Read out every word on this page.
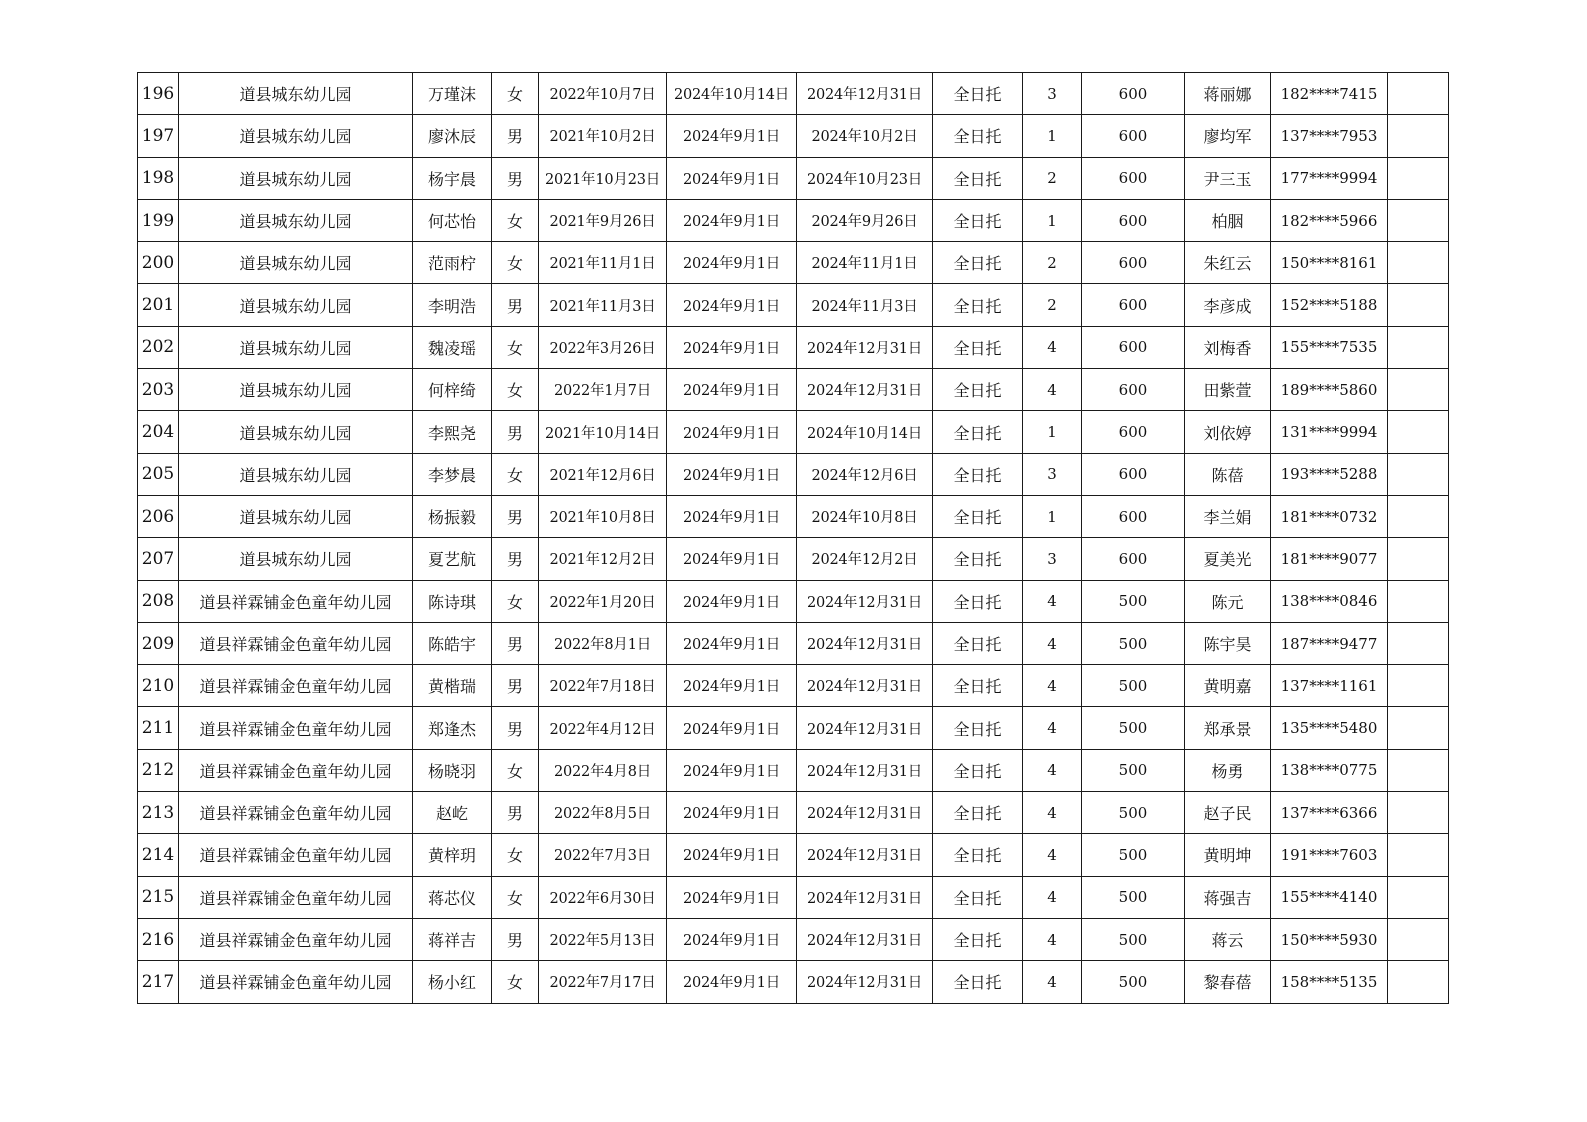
196	道县城东幼儿园	万瑾沫	女	2022年10月7日	2024年10月14日	2024年12月31日	全日托	3	600	蒋丽娜	182****7415	
197	道县城东幼儿园	廖沐辰	男	2021年10月2日	2024年9月1日	2024年10月2日	全日托	1	600	廖均军	137****7953	
198	道县城东幼儿园	杨宇晨	男	2021年10月23日	2024年9月1日	2024年10月23日	全日托	2	600	尹三玉	177****9994	
199	道县城东幼儿园	何芯怡	女	2021年9月26日	2024年9月1日	2024年9月26日	全日托	1	600	柏胭	182****5966	
200	道县城东幼儿园	范雨柠	女	2021年11月1日	2024年9月1日	2024年11月1日	全日托	2	600	朱红云	150****8161	
201	道县城东幼儿园	李明浩	男	2021年11月3日	2024年9月1日	2024年11月3日	全日托	2	600	李彦成	152****5188	
202	道县城东幼儿园	魏凌瑶	女	2022年3月26日	2024年9月1日	2024年12月31日	全日托	4	600	刘梅香	155****7535	
203	道县城东幼儿园	何梓绮	女	2022年1月7日	2024年9月1日	2024年12月31日	全日托	4	600	田紫萱	189****5860	
204	道县城东幼儿园	李熙尧	男	2021年10月14日	2024年9月1日	2024年10月14日	全日托	1	600	刘依婷	131****9994	
205	道县城东幼儿园	李梦晨	女	2021年12月6日	2024年9月1日	2024年12月6日	全日托	3	600	陈蓓	193****5288	
206	道县城东幼儿园	杨振毅	男	2021年10月8日	2024年9月1日	2024年10月8日	全日托	1	600	李兰娟	181****0732	
207	道县城东幼儿园	夏艺航	男	2021年12月2日	2024年9月1日	2024年12月2日	全日托	3	600	夏美光	181****9077	
208	道县祥霖铺金色童年幼儿园	陈诗琪	女	2022年1月20日	2024年9月1日	2024年12月31日	全日托	4	500	陈元	138****0846	
209	道县祥霖铺金色童年幼儿园	陈皓宇	男	2022年8月1日	2024年9月1日	2024年12月31日	全日托	4	500	陈宇昊	187****9477	
210	道县祥霖铺金色童年幼儿园	黄楷瑞	男	2022年7月18日	2024年9月1日	2024年12月31日	全日托	4	500	黄明嘉	137****1161	
211	道县祥霖铺金色童年幼儿园	郑逢杰	男	2022年4月12日	2024年9月1日	2024年12月31日	全日托	4	500	郑承景	135****5480	
212	道县祥霖铺金色童年幼儿园	杨晓羽	女	2022年4月8日	2024年9月1日	2024年12月31日	全日托	4	500	杨勇	138****0775	
213	道县祥霖铺金色童年幼儿园	赵屹	男	2022年8月5日	2024年9月1日	2024年12月31日	全日托	4	500	赵子民	137****6366	
214	道县祥霖铺金色童年幼儿园	黄梓玥	女	2022年7月3日	2024年9月1日	2024年12月31日	全日托	4	500	黄明坤	191****7603	
215	道县祥霖铺金色童年幼儿园	蒋芯仪	女	2022年6月30日	2024年9月1日	2024年12月31日	全日托	4	500	蒋强吉	155****4140	
216	道县祥霖铺金色童年幼儿园	蒋祥吉	男	2022年5月13日	2024年9月1日	2024年12月31日	全日托	4	500	蒋云	150****5930	
217	道县祥霖铺金色童年幼儿园	杨小红	女	2022年7月17日	2024年9月1日	2024年12月31日	全日托	4	500	黎春蓓	158****5135	
